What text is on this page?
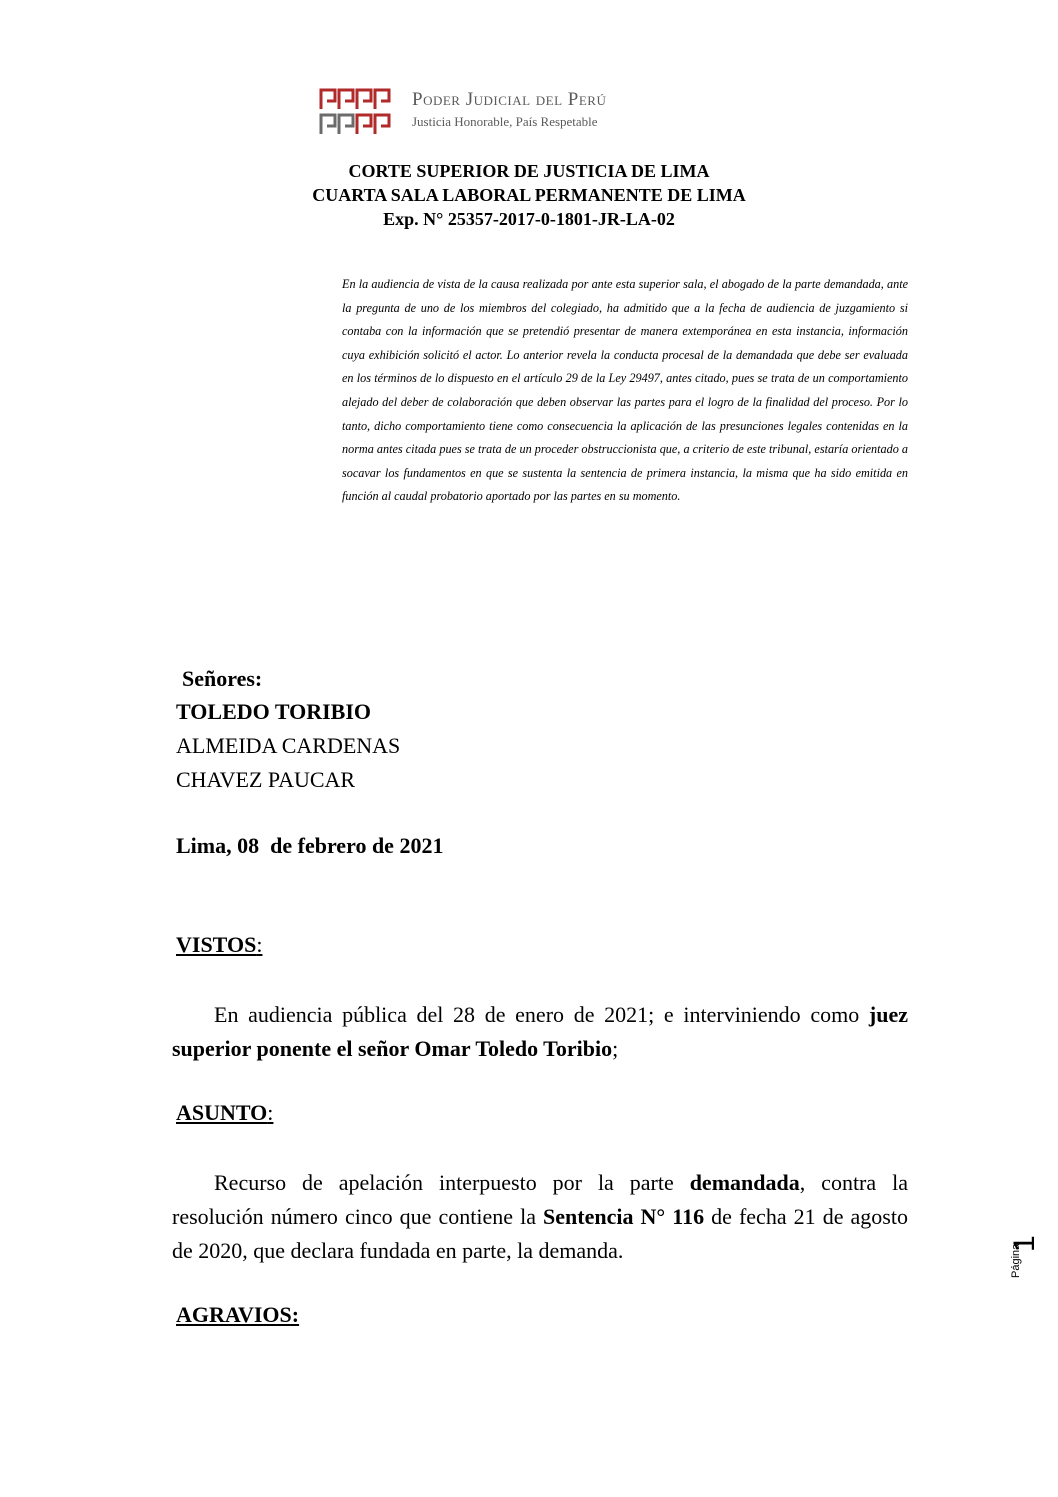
Poder Judicial del Perú
Justicia Honorable, País Respetable
CORTE SUPERIOR DE JUSTICIA DE LIMA
CUARTA SALA LABORAL PERMANENTE DE LIMA
Exp. N° 25357-2017-0-1801-JR-LA-02
En la audiencia de vista de la causa realizada por ante esta superior sala, el abogado de la parte demandada, ante la pregunta de uno de los miembros del colegiado, ha admitido que a la fecha de audiencia de juzgamiento si contaba con la información que se pretendió presentar de manera extemporánea en esta instancia, información cuya exhibición solicitó el actor. Lo anterior revela la conducta procesal de la demandada que debe ser evaluada en los términos de lo dispuesto en el artículo 29 de la Ley 29497, antes citado, pues se trata de un comportamiento alejado del deber de colaboración que deben observar las partes para el logro de la finalidad del proceso. Por lo tanto, dicho comportamiento tiene como consecuencia la aplicación de las presunciones legales contenidas en la norma antes citada pues se trata de un proceder obstruccionista que, a criterio de este tribunal, estaría orientado a socavar los fundamentos en que se sustenta la sentencia de primera instancia, la misma que ha sido emitida en función al caudal probatorio aportado por las partes en su momento.
Señores:
TOLEDO TORIBIO
ALMEIDA CARDENAS
CHAVEZ PAUCAR
Lima, 08  de febrero de 2021
VISTOS:
En audiencia pública del 28 de enero de 2021; e interviniendo como juez superior ponente el señor Omar Toledo Toribio;
ASUNTO:
Recurso de apelación interpuesto por la parte demandada, contra la resolución número cinco que contiene la Sentencia N° 116 de fecha 21 de agosto de 2020, que declara fundada en parte, la demanda.
AGRAVIOS:
Página
1
